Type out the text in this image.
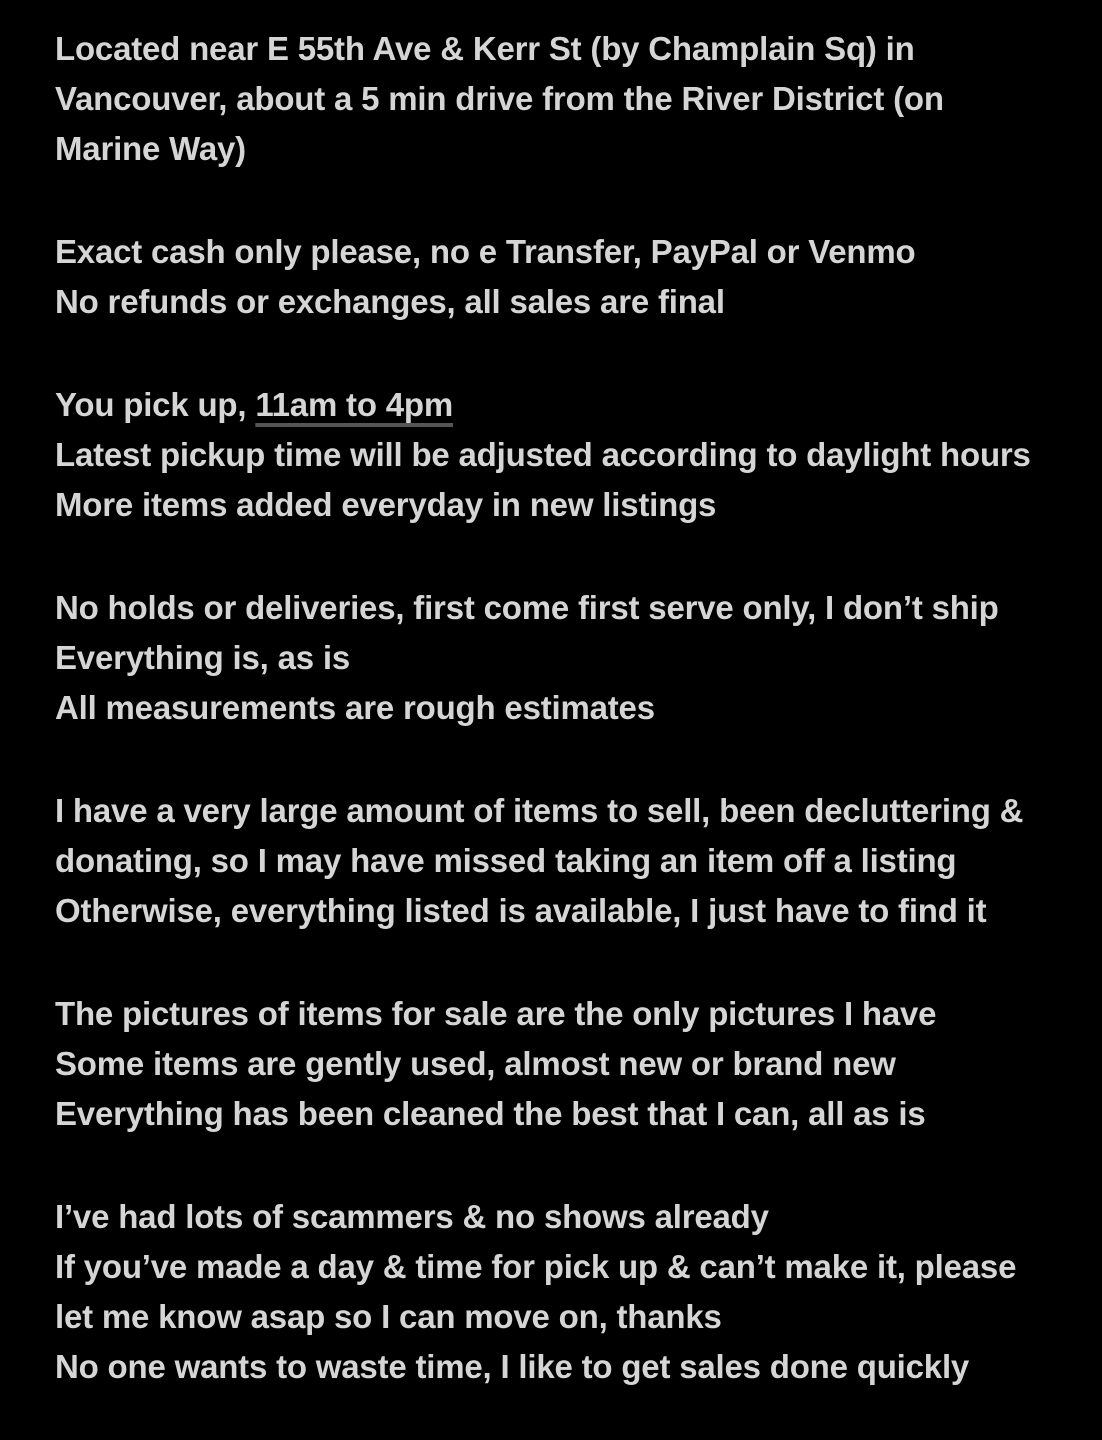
Located near E 55th Ave & Kerr St (by Champlain Sq) in
Vancouver, about a 5 min drive from the River District (on
Marine Way)
Exact cash only please, no e Transfer, PayPal or Venmo
No refunds or exchanges, all sales are final
You pick up, 11am to 4pm
Latest pickup time will be adjusted according to daylight hours
More items added everyday in new listings
No holds or deliveries, first come first serve only, I don’t ship
Everything is, as is
All measurements are rough estimates
I have a very large amount of items to sell, been decluttering &
donating, so I may have missed taking an item off a listing
Otherwise, everything listed is available, I just have to find it
The pictures of items for sale are the only pictures I have
Some items are gently used, almost new or brand new
Everything has been cleaned the best that I can, all as is
I’ve had lots of scammers & no shows already
If you’ve made a day & time for pick up & can’t make it, please
let me know asap so I can move on, thanks
No one wants to waste time, I like to get sales done quickly
